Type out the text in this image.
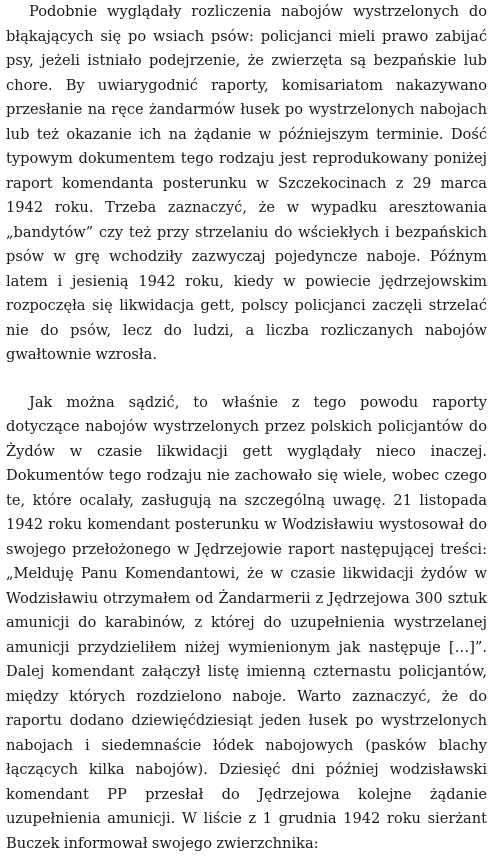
Podobnie wyglądały rozliczenia nabojów wystrzelonych do błąkających się po wsiach psów: policjanci mieli prawo zabijać psy, jeżeli istniało podejrzenie, że zwierzęta są bezpańskie lub chore. By uwiarygodnić raporty, komisariatom nakazywano przesłanie na ręce żandarmów łusek po wystrzelonych nabojach lub też okazanie ich na żądanie w późniejszym terminie. Dość typowym dokumentem tego rodzaju jest reprodukowany poniżej raport komendanta posterunku w Szczekocinach z 29 marca 1942 roku. Trzeba zaznaczyć, że w wypadku aresztowania „bandytów” czy też przy strzelaniu do wściekłych i bezpańskich psów w grę wchodziły zazwyczaj pojedyncze naboje. Późnym latem i jesienią 1942 roku, kiedy w powiecie jędrzejowskim rozpoczęła się likwidacja gett, polscy policjanci zaczęli strzelać nie do psów, lecz do ludzi, a liczba rozliczanych nabojów gwałtownie wzrosła.

Jak można sądzić, to właśnie z tego powodu raporty dotyczące nabojów wystrzelonych przez polskich policjantów do Żydów w czasie likwidacji gett wyglądały nieco inaczej. Dokumentów tego rodzaju nie zachowało się wiele, wobec czego te, które ocalały, zasługują na szczególną uwagę. 21 listopada 1942 roku komendant posterunku w Wodzisławiu wystosował do swojego przełożonego w Jędrzejowie raport następującej treści: „Melduję Panu Komendantowi, że w czasie likwidacji żydów w Wodzisławiu otrzymałem od Żandarmerii z Jędrzejowa 300 sztuk amunicji do karabinów, z której do uzupełnienia wystrzelanej amunicji przydzieliłem niżej wymienionym jak następuje […]”. Dalej komendant załączył listę imienną czternastu policjantów, między których rozdzielono naboje. Warto zaznaczyć, że do raportu dodano dziewięćdziesiąt jeden łusek po wystrzelonych nabojach i siedemnaście łódek nabojowych (pasków blachy łączących kilka nabojów). Dziesięć dni później wodzisławski komendant PP przesłał do Jędrzejowa kolejne żądanie uzupełnienia amunicji. W liście z 1 grudnia 1942 roku sierżant Buczek informował swojego zwierzchnika:
